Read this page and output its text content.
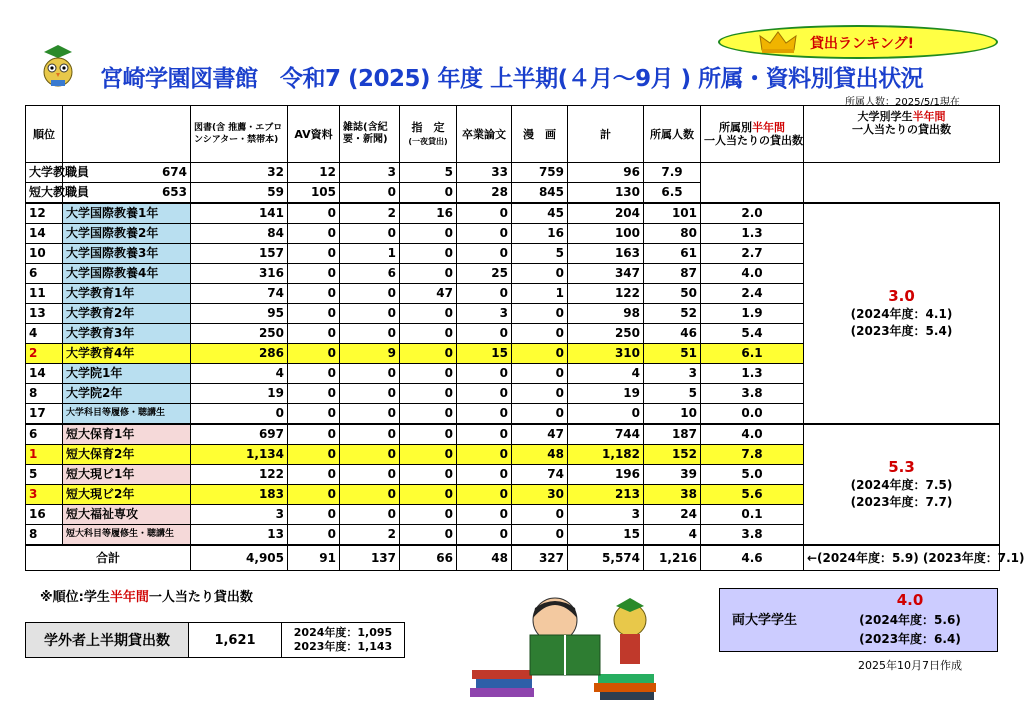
宮崎学園図書館　令和7 (2025) 年度 上半期(４月～9月 ) 所属・資料別貸出状況
貸出ランキング!
所属人数：2025/5/1現在
順位		図書(含 推薦・エブロンシアター・禁帯本)	AV資料	雑誌(含紀要・新聞)	指　定
(一夜貸出)	卒業論文	漫　画	計	所属人数	所属別半年間
一人当たりの貸出数	大学別学生半年間
一人当たりの貸出数
大学教職員	674	32	12	3	5	33	759	96	7.9		
短大教職員	653	59	105	0	0	28	845	130	6.5		
12	大学国際教養1年	141	0	2	16	0	45	204	101	2.0	3.0
(2024年度：4.1)
(2023年度：5.4)
14	大学国際教養2年	84	0	0	0	0	16	100	80	1.3	
10	大学国際教養3年	157	0	1	0	0	5	163	61	2.7	
6	大学国際教養4年	316	0	6	0	25	0	347	87	4.0	
11	大学教育1年	74	0	0	47	0	1	122	50	2.4	
13	大学教育2年	95	0	0	0	3	0	98	52	1.9	
4	大学教育3年	250	0	0	0	0	0	250	46	5.4	
2	大学教育4年	286	0	9	0	15	0	310	51	6.1	
14	大学院1年	4	0	0	0	0	0	4	3	1.3	
8	大学院2年	19	0	0	0	0	0	19	5	3.8	
17	大学科目等履修・聴講生	0	0	0	0	0	0	0	10	0.0	
6	短大保育1年	697	0	0	0	0	47	744	187	4.0	5.3
(2024年度：7.5)
(2023年度：7.7)
1	短大保育2年	1,134	0	0	0	0	48	1,182	152	7.8	
5	短大現ビ1年	122	0	0	0	0	74	196	39	5.0	
3	短大現ビ2年	183	0	0	0	0	30	213	38	5.6	
16	短大福祉専攻	3	0	0	0	0	0	3	24	0.1	
8	短大科目等履修生・聴講生	13	0	2	0	0	0	15	4	3.8	
合計		4,905	91	137	66	48	327	5,574	1,216	4.6	←(2024年度：5.9) (2023年度：7.1)
※順位:学生半年間一人当たり貸出数
学外者上半期貸出数	1,621	2024年度：1,095
2023年度：1,143
両大学学生
4.0
(2024年度：5.6)
(2023年度：6.4)
2025年10月7日作成
